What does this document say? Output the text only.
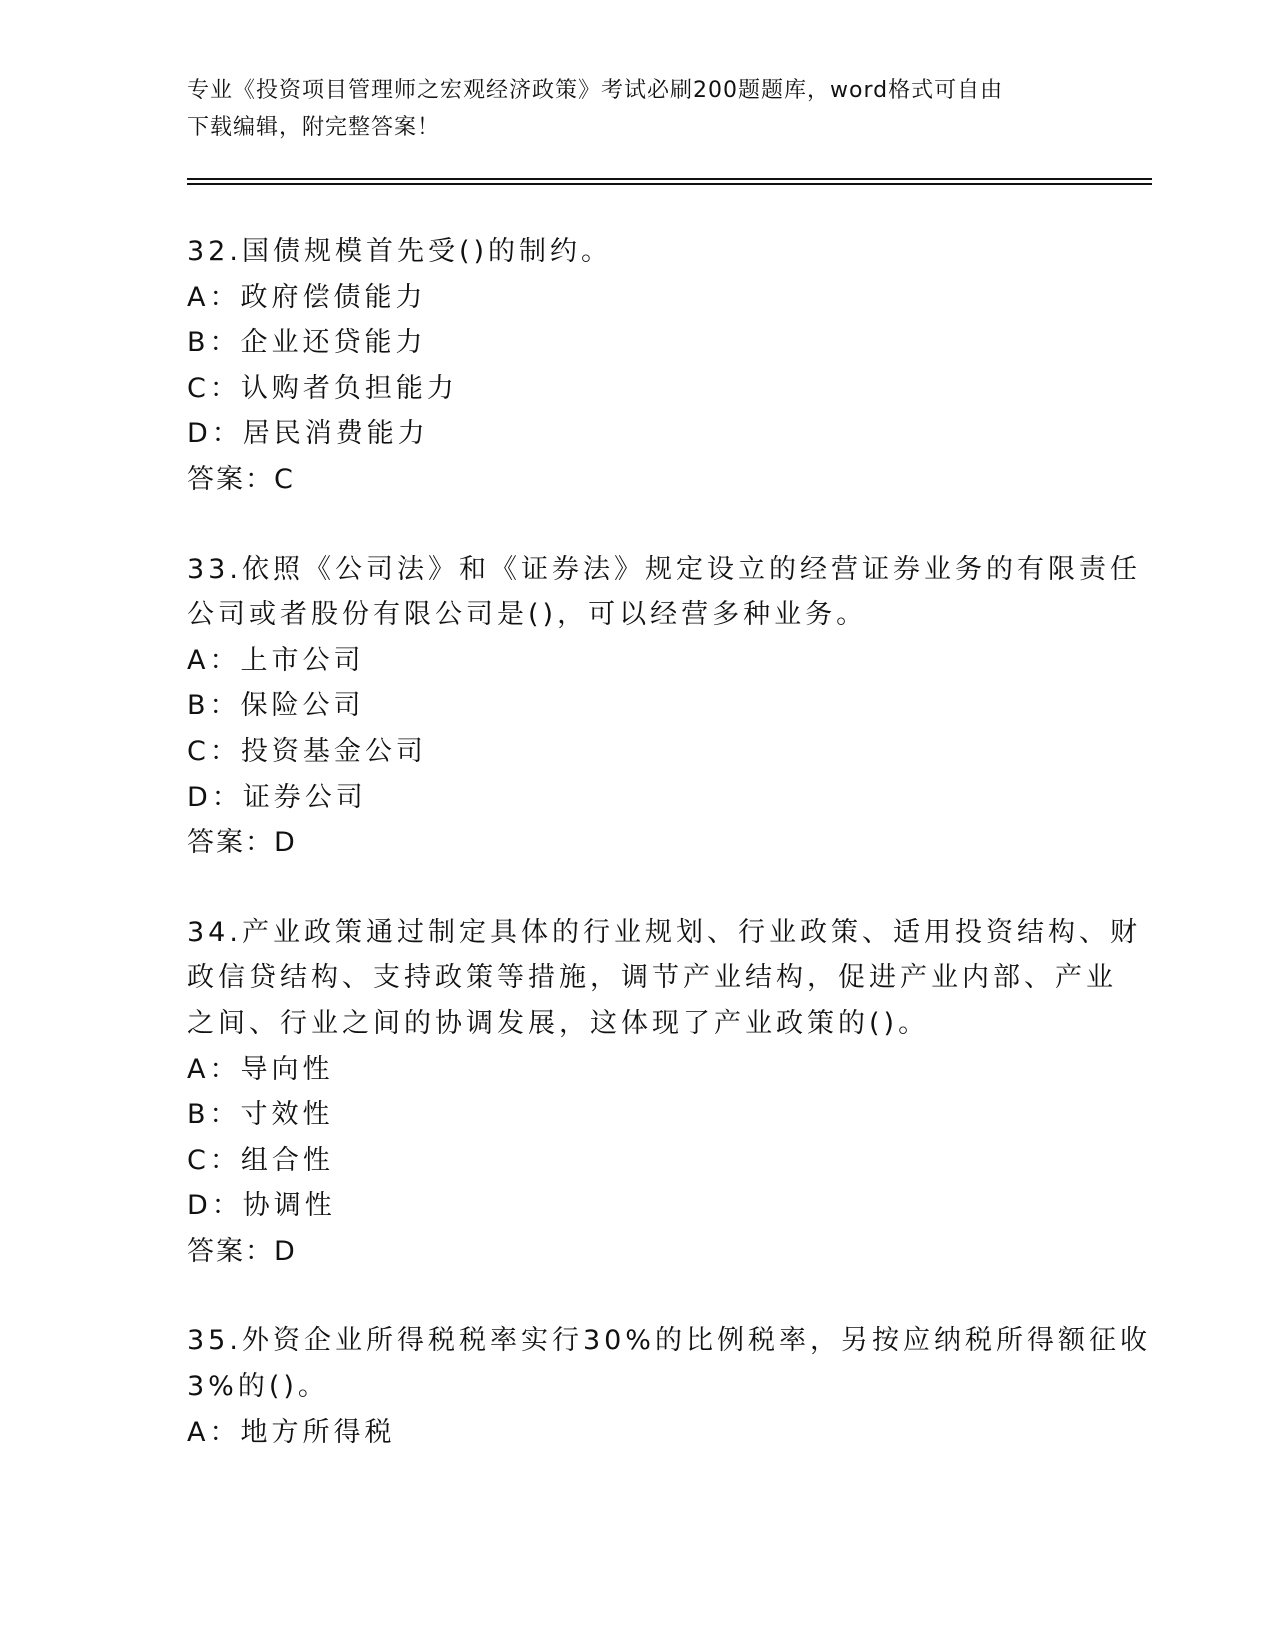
专业《投资项目管理师之宏观经济政策》考试必刷200题题库，word格式可自由
下载编辑，附完整答案！
32.国债规模首先受()的制约。
A：政府偿债能力
B：企业还贷能力
C：认购者负担能力
D：居民消费能力
答案：C
33.依照《公司法》和《证券法》规定设立的经营证券业务的有限责任
公司或者股份有限公司是()，可以经营多种业务。
A：上市公司
B：保险公司
C：投资基金公司
D：证券公司
答案：D
34.产业政策通过制定具体的行业规划、行业政策、适用投资结构、财
政信贷结构、支持政策等措施，调节产业结构，促进产业内部、产业
之间、行业之间的协调发展，这体现了产业政策的()。
A：导向性
B：寸效性
C：组合性
D：协调性
答案：D
35.外资企业所得税税率实行30%的比例税率，另按应纳税所得额征收
3%的()。
A：地方所得税
